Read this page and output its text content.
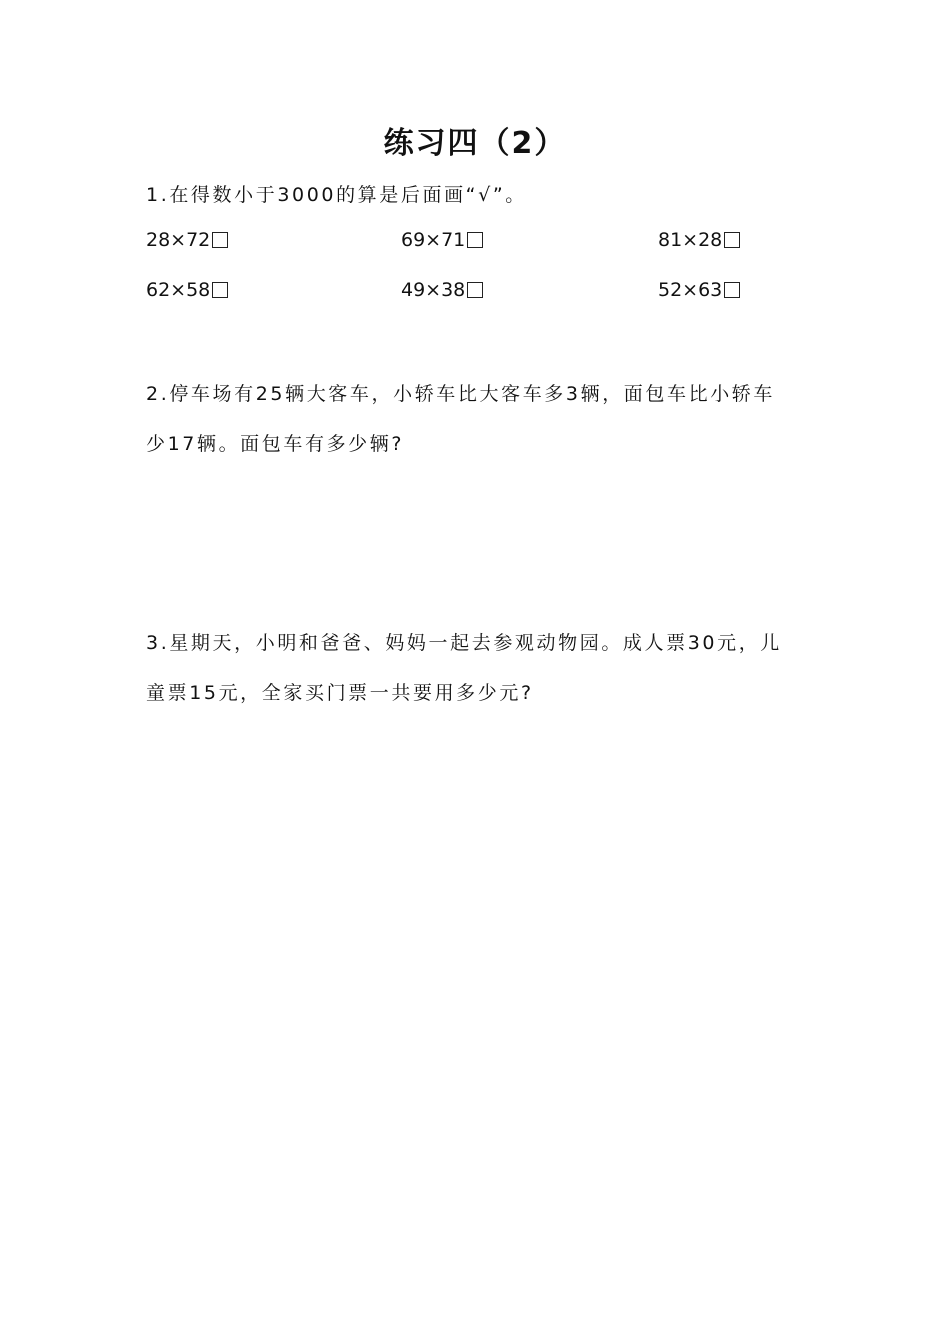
练习四（2）

1.在得数小于3000的算是后面画“√”。

28×72	69×71	81×28
62×58	49×38	52×63

2.停车场有25辆大客车，小轿车比大客车多3辆，面包车比小轿车

少17辆。面包车有多少辆?

3.星期天，小明和爸爸、妈妈一起去参观动物园。成人票30元，儿

童票15元，全家买门票一共要用多少元?
